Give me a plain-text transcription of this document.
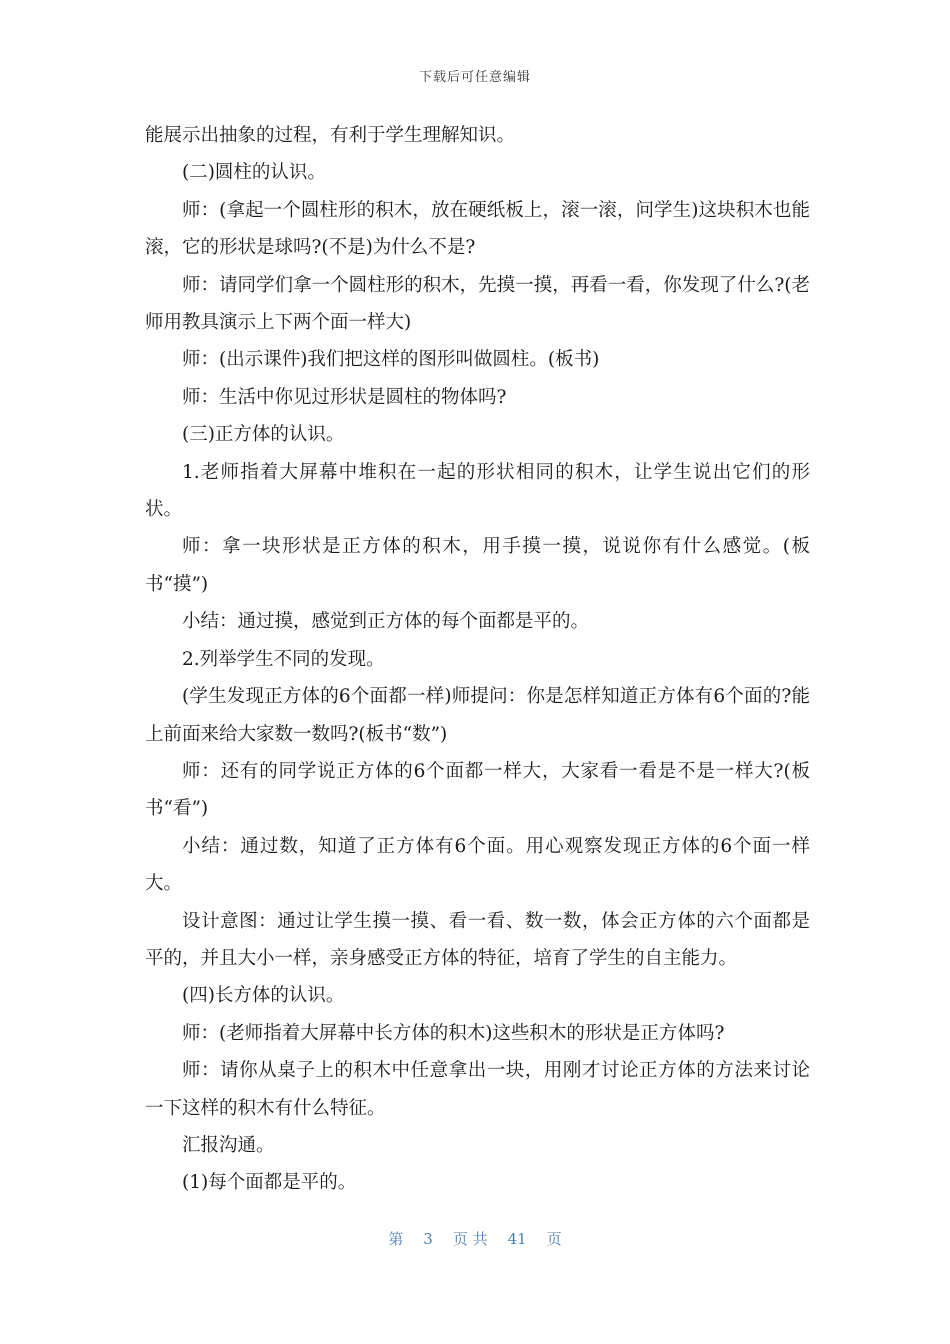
下载后可任意编辑

能展示出抽象的过程，有利于学生理解知识。

(二)圆柱的认识。

师：(拿起一个圆柱形的积木，放在硬纸板上，滚一滚，问学生)这块积木也能滚，它的形状是球吗?(不是)为什么不是?

师：请同学们拿一个圆柱形的积木，先摸一摸，再看一看，你发现了什么?(老师用教具演示上下两个面一样大)

师：(出示课件)我们把这样的图形叫做圆柱。(板书)

师：生活中你见过形状是圆柱的物体吗?

(三)正方体的认识。

1.老师指着大屏幕中堆积在一起的形状相同的积木，让学生说出它们的形状。

师：拿一块形状是正方体的积木，用手摸一摸，说说你有什么感觉。(板书“摸”)

小结：通过摸，感觉到正方体的每个面都是平的。

2.列举学生不同的发现。

(学生发现正方体的6个面都一样)师提问：你是怎样知道正方体有6个面的?能上前面来给大家数一数吗?(板书“数”)

师：还有的同学说正方体的6个面都一样大，大家看一看是不是一样大?(板书“看”)

小结：通过数，知道了正方体有6个面。用心观察发现正方体的6个面一样大。

设计意图：通过让学生摸一摸、看一看、数一数，体会正方体的六个面都是平的，并且大小一样，亲身感受正方体的特征，培育了学生的自主能力。

(四)长方体的认识。

师：(老师指着大屏幕中长方体的积木)这些积木的形状是正方体吗?

师：请你从桌子上的积木中任意拿出一块，用刚才讨论正方体的方法来讨论一下这样的积木有什么特征。

汇报沟通。

(1)每个面都是平的。

第 3 页 共 41 页
